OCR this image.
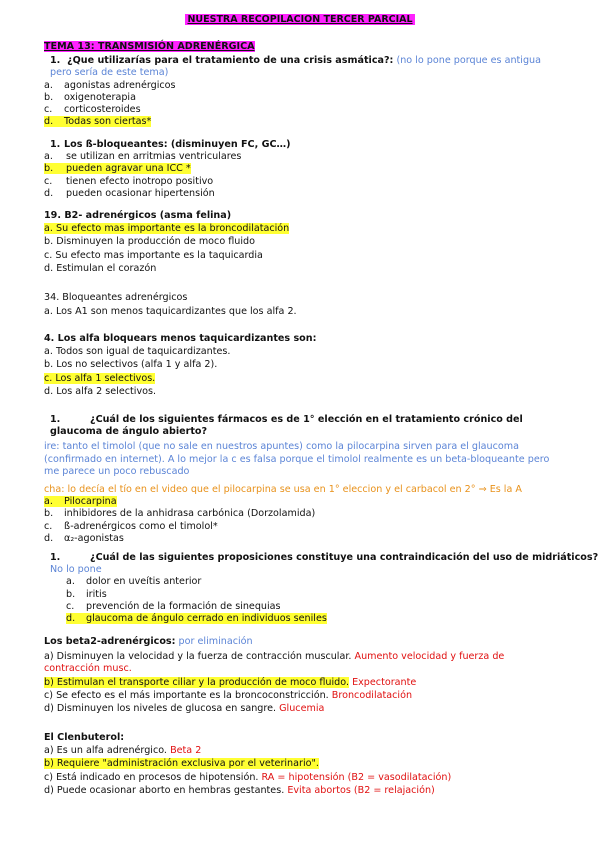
NUESTRA RECOPILACION TERCER PARCIAL
TEMA 13: TRANSMISIÓN ADRENÉRGICA
1. ¿Que utilizarías para el tratamiento de una crisis asmática?: (no lo pone porque es antigua pero sería de este tema)
a. agonistas adrenérgicos
b. oxigenoterapia
c. corticosteroides
d. Todas son ciertas*
1. Los ß-bloqueantes: (disminuyen FC, GC…)
a. se utilizan en arritmias ventriculares
b. pueden agravar una ICC *
c. tienen efecto inotropo positivo
d. pueden ocasionar hipertensión
19. B2- adrenérgicos (asma felina)
a. Su efecto mas importante es la broncodilatación
b. Disminuyen la producción de moco fluido
c. Su efecto mas importante es la taquicardia
d. Estimulan el corazón
34. Bloqueantes adrenérgicos
a. Los A1 son menos taquicardizantes que los alfa 2.
4. Los alfa bloquears menos taquicardizantes son:
a. Todos son igual de taquicardizantes.
b. Los no selectivos (alfa 1 y alfa 2).
c. Los alfa 1 selectivos.
d. Los alfa 2 selectivos.
1.	¿Cuál de los siguientes fármacos es de 1° elección en el tratamiento crónico del glaucoma de ángulo abierto?
ire: tanto el timolol (que no sale en nuestros apuntes) como la pilocarpina sirven para el glaucoma (confirmado en internet). A lo mejor la c es falsa porque el timolol realmente es un beta-bloqueante pero me parece un poco rebuscado
cha: lo decía el tío en el video que el pilocarpina se usa en 1° eleccion y el carbacol en 2° ⇒ Es la A
a. Pilocarpina
b. inhibidores de la anhidrasa carbónica (Dorzolamida)
c. ß-adrenérgicos como el timolol*
d. α₂-agonistas
1.	¿Cuál de las siguientes proposiciones constituye una contraindicación del uso de midriáticos?
No lo pone
a. dolor en uveítis anterior
b. iritis
c. prevención de la formación de sinequias
d. glaucoma de ángulo cerrado en individuos seniles
Los beta2-adrenérgicos: por eliminación
a) Disminuyen la velocidad y la fuerza de contracción muscular. Aumento velocidad y fuerza de contracción musc.
b) Estimulan el transporte ciliar y la producción de moco fluido. Expectorante
c) Se efecto es el más importante es la broncoconstricción. Broncodilatación
d) Disminuyen los niveles de glucosa en sangre. Glucemia
El Clenbuterol:
a) Es un alfa adrenérgico. Beta 2
b) Requiere "administración exclusiva por el veterinario".
c) Está indicado en procesos de hipotensión. RA = hipotensión (B2 = vasodilatación)
d) Puede ocasionar aborto en hembras gestantes. Evita abortos (B2 = relajación)
